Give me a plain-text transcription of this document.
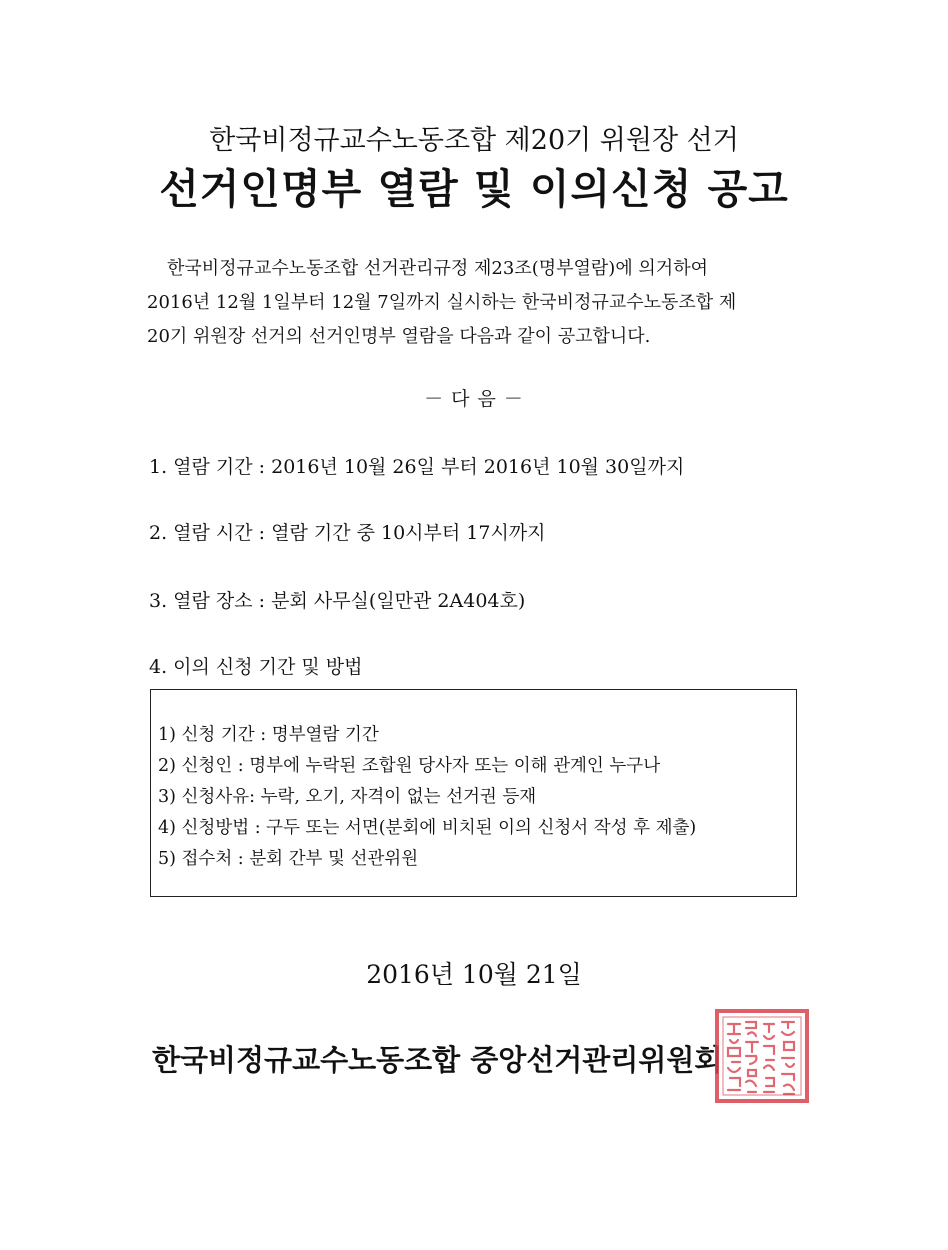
한국비정규교수노동조합 제20기 위원장 선거
선거인명부 열람 및 이의신청 공고
한국비정규교수노동조합 선거관리규정 제23조(명부열람)에 의거하여
2016년 12월 1일부터 12월 7일까지 실시하는 한국비정규교수노동조합 제
20기 위원장 선거의 선거인명부 열람을 다음과 같이 공고합니다.
－ 다 음 －
1. 열람 기간 : 2016년 10월 26일 부터 2016년 10월 30일까지
2. 열람 시간 : 열람 기간 중 10시부터 17시까지
3. 열람 장소 : 분회 사무실(일만관 2A404호)
4. 이의 신청 기간 및 방법
1) 신청 기간 : 명부열람 기간
2) 신청인 : 명부에 누락된 조합원 당사자 또는 이해 관계인 누구나
3) 신청사유: 누락, 오기, 자격이 없는 선거권 등재
4) 신청방법 : 구두 또는 서면(분회에 비치된 이의 신청서 작성 후 제출)
5) 접수처 : 분회 간부 및 선관위원
2016년 10월 21일
한국비정규교수노동조합 중앙선거관리위원회
